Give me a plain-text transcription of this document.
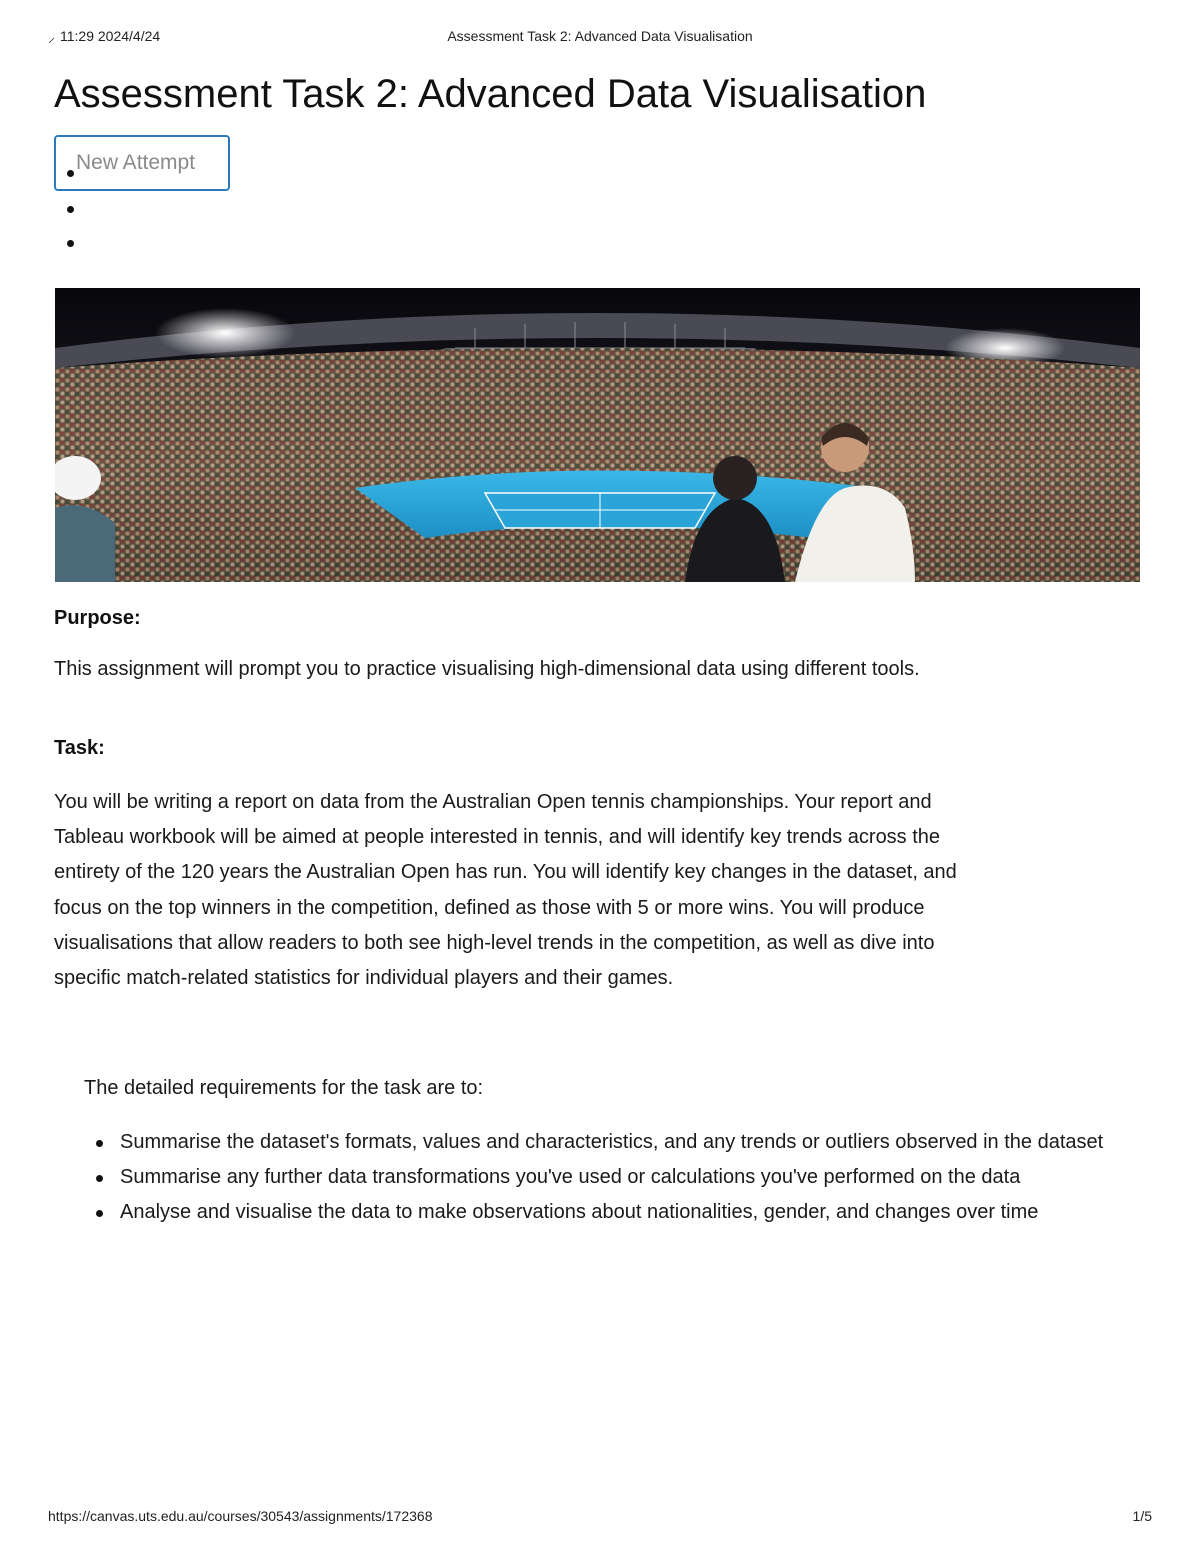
⸝ 11:29 2024/4/24	Assessment Task 2: Advanced Data Visualisation
Assessment Task 2: Advanced Data Visualisation
New Attempt

Purpose:

This assignment will prompt you to practice visualising high-dimensional data using different tools.

Task:

You will be writing a report on data from the Australian Open tennis championships. Your report and
Tableau workbook will be aimed at people interested in tennis, and will identify key trends across the
entirety of the 120 years the Australian Open has run. You will identify key changes in the dataset, and
focus on the top winners in the competition, defined as those with 5 or more wins. You will produce
visualisations that allow readers to both see high-level trends in the competition, as well as dive into
specific match-related statistics for individual players and their games.

The detailed requirements for the task are to:

Summarise the dataset's formats, values and characteristics, and any trends or outliers observed in the dataset
Summarise any further data transformations you've used or calculations you've performed on the data
Analyse and visualise the data to make observations about nationalities, gender, and changes over time
https://canvas.uts.edu.au/courses/30543/assignments/172368	1/5
